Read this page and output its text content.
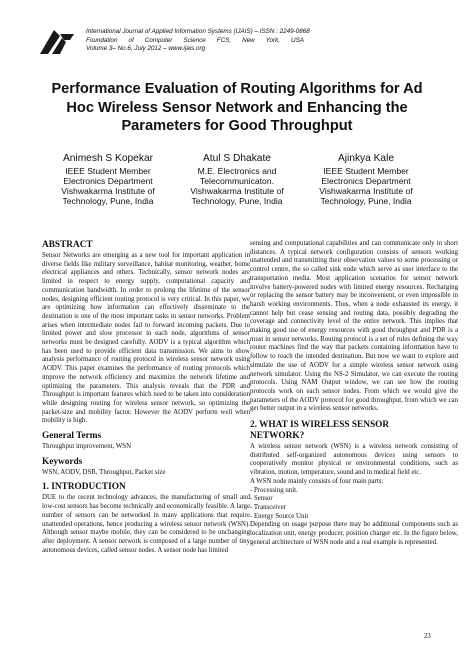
International Journal of Applied Information Systems (IJAIS) – ISSN : 2249-0868
Foundation of Computer Science FCS, New York, USA
Volume 3– No.6, July 2012 – www.ijais.org
Performance Evaluation of Routing Algorithms for Ad
Hoc Wireless Sensor Network and Enhancing the
Parameters for Good Throughput
Animesh S Kopekar
IEEE Student Member
Electronics Department
Vishwakarma Institute of
Technology, Pune, India
Atul S Dhakate
M.E. Electronics and
Telecommunicaton.
Vishwakarma Institute of
Technology, Pune, India
Ajinkya Kale
IEEE Student Member
Electronics Department
Vishwakarma Institute of
Technology, Pune, India
ABSTRACT

Sensor Networks are emerging as a new tool for important application in diverse fields like military surveillance, habitat monitoring, weather, home electrical appliances and others. Technically, sensor network nodes are limited in respect to energy supply, computational capacity and communication bandwidth. In order to prolong the lifetime of the sensor nodes, designing efficient routing protocol is very critical. In this paper, we are optimizing how information can effectively disseminate to the destination is one of the most important tasks in sensor networks. Problem arises when intermediate nodes fail to forward incoming packets. Due to limited power and slow processor in each node, algorithms of sensor networks must be designed carefully. AODV is a typical algorithm which has been used to provide efficient data transmission. We aims to show analysis performance of routing protocol in wireless sensor network using AODV. This paper examines the performance of routing protocols which improve the network efficiency and maximize the network lifetime and optimizing the parameters. This analysis reveals that the PDR and Throughput is important features which need to be taken into consideration while designing routing for wireless sensor network, so optimizing the packet-size and mobility factor. However the AODV perform well when mobility is high.

General Terms

Throughput improvement, WSN

Keywords

WSN, AODV, DSR, Throughput, Packet size

1. INTRODUCTION

DUE to the recent technology advances, the manufacturing of small and low-cost sensors has become technically and economically feasible. A large number of sensors can be networked in many applications that require unattended operations, hence producing a wireless sensor network (WSN). Although sensor maybe mobile, they can be considered to be unchanging after deployment. A sensor network is composed of a large number of tiny autonomous devices, called sensor nodes. A sensor node has limited

sensing and computational capabilities and can communicate only in short distances. A typical network configuration consists of sensors working unattended and transmitting their observation values to some processing or control centre, the so called sink node which serve as user interface to the transportation media. Most application scenarios for sensor network involve battery-powered nodes with limited energy resources. Recharging or replacing the sensor battery may be inconvenient, or even impossible in harsh working environments. Thus, when a node exhausted its energy, it cannot help but cease sensing and routing data, possibly degrading the coverage and connectivity level of the entire network. This implies that making good use of energy resources with good throughput and PDR is a must in sensor networks. Routing protocol is a set of rules defining the way router machines find the way that packets containing information have to follow to reach the intended destination. But now we want to explore and simulate the use of AODV for a simple wireless sensor network using network simulator. Using the NS-2 Simulator, we can execute the routing protocols. Using NAM Output window, we can see how the routing protocols work on each sensor nodes. From which we would give the parameters of the AODV protocol for good throughput, from which we can get better output in a wireless sensor networks.

2. WHAT IS WIRELESS SENSOR
NETWORK?

A wireless sensor network (WSN) is a wireless network consisting of distributed self-organized autonomous devices using sensors to cooperatively monitor physical or environmental conditions, such as vibration, motion, temperature, sound and in medical field etc.

A WSN node mainly consists of four main parts:
- Processing unit.
- Sensor
- Transceiver
- Energy Source Unit

Depending on usage purpose there may be additional components such as localization unit, energy producer, position charger etc. In the figure below, general architecture of WSN node and a real example is represented.

23
